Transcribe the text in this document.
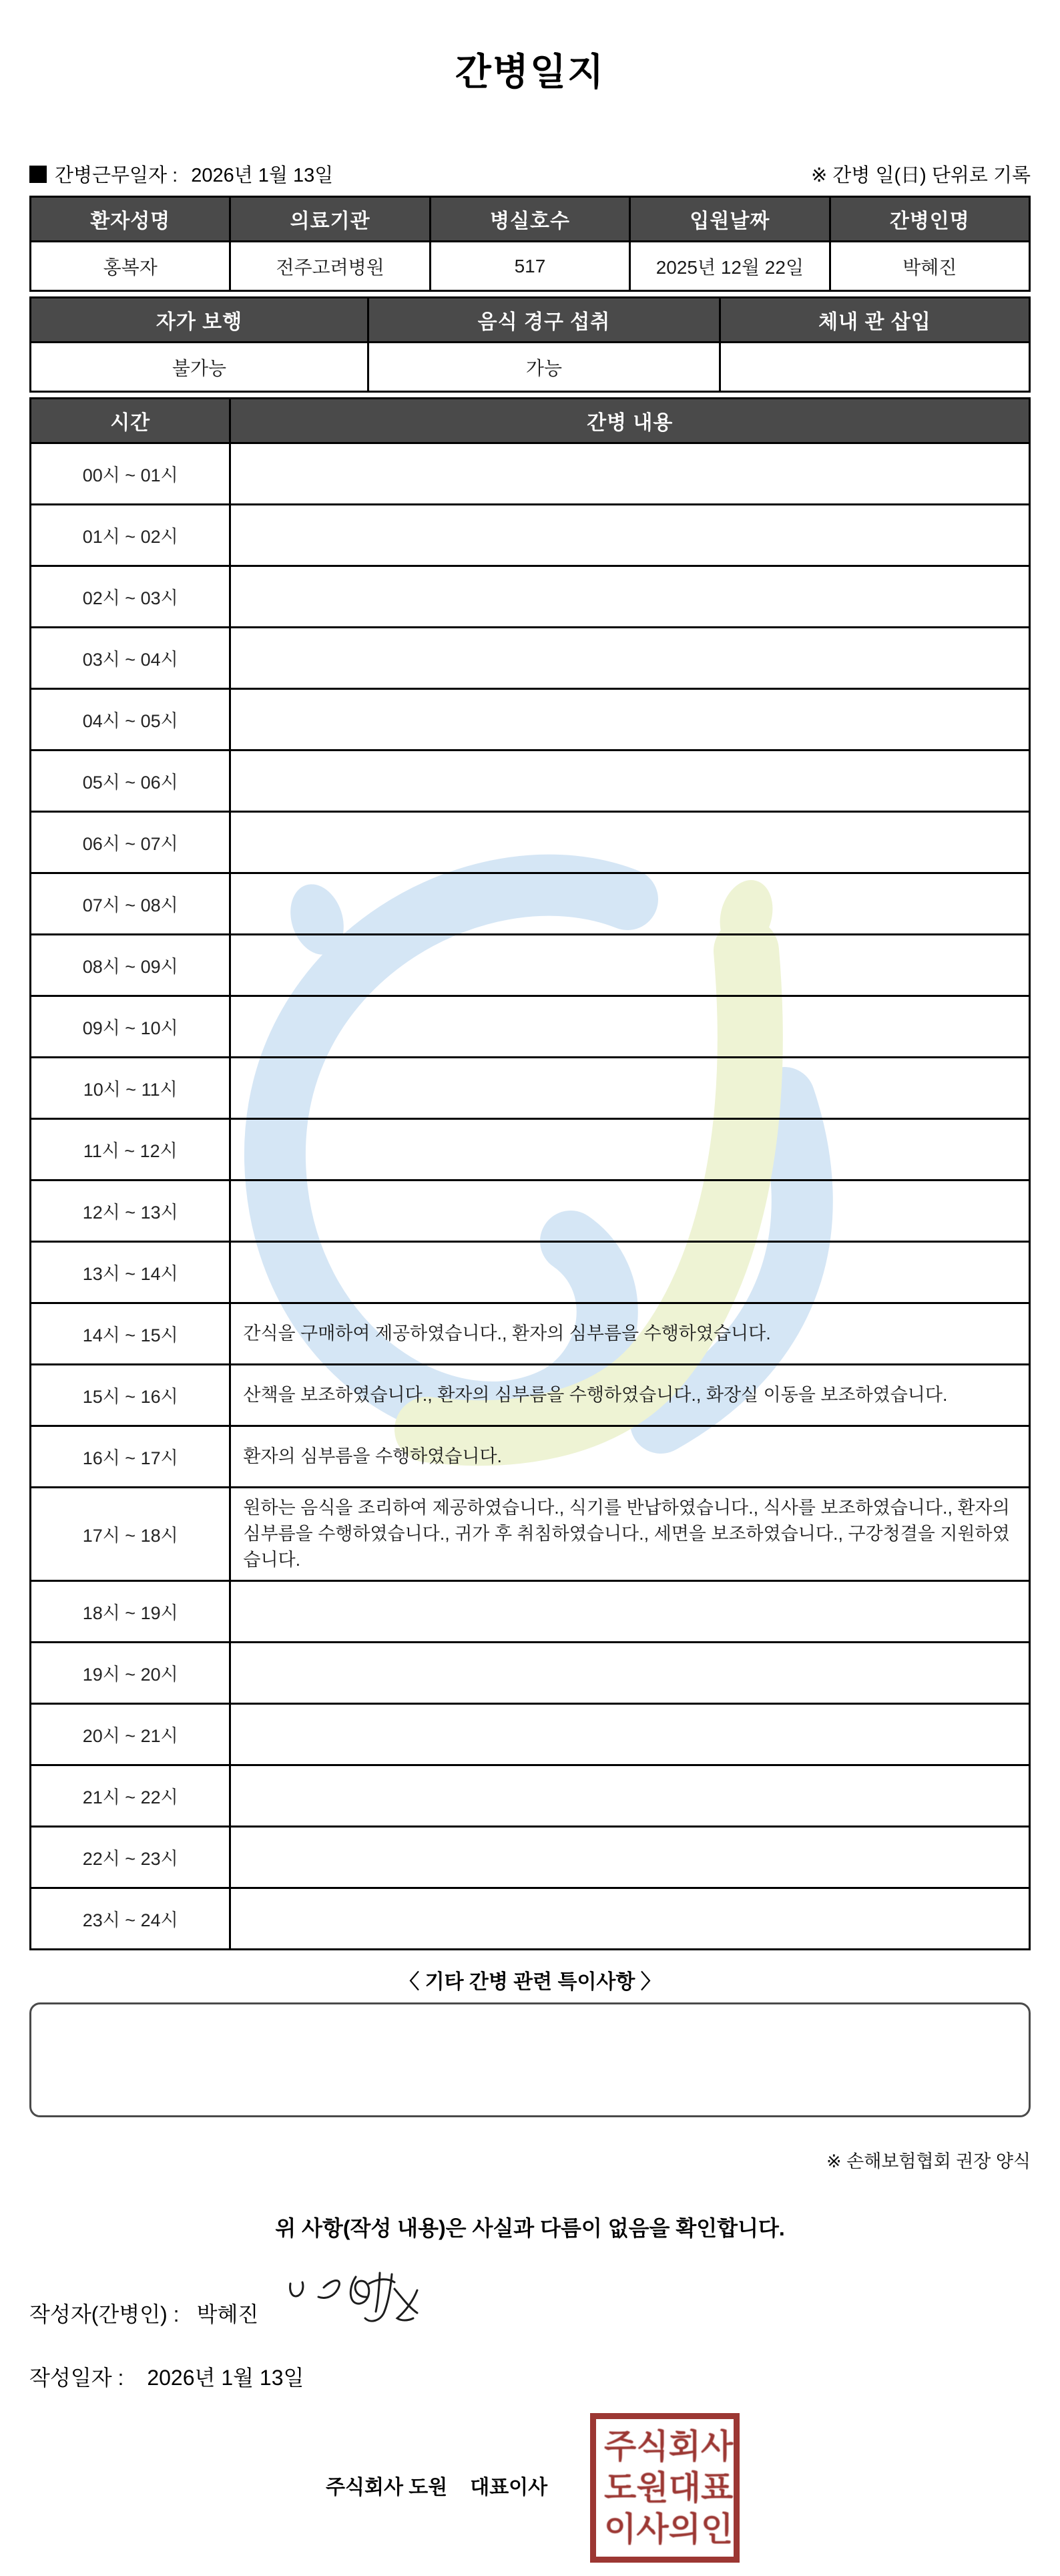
간병일지
간병근무일자 : 2026년 1월 13일	※ 간병 일(日) 단위로 기록
환자성명	의료기관	병실호수	입원날짜	간병인명
홍복자	전주고려병원	517	2025년 12월 22일	박혜진
자가 보행	음식 경구 섭취	체내 관 삽입
불가능	가능	
시간	간병 내용
00시 ~ 01시	
01시 ~ 02시	
02시 ~ 03시	
03시 ~ 04시	
04시 ~ 05시	
05시 ~ 06시	
06시 ~ 07시	
07시 ~ 08시	
08시 ~ 09시	
09시 ~ 10시	
10시 ~ 11시	
11시 ~ 12시	
12시 ~ 13시	
13시 ~ 14시	
14시 ~ 15시	간식을 구매하여 제공하였습니다., 환자의 심부름을 수행하였습니다.
15시 ~ 16시	산책을 보조하였습니다., 환자의 심부름을 수행하였습니다., 화장실 이동을 보조하였습니다.
16시 ~ 17시	환자의 심부름을 수행하였습니다.
17시 ~ 18시	원하는 음식을 조리하여 제공하였습니다., 식기를 반납하였습니다., 식사를 보조하였습니다., 환자의 심부름을 수행하였습니다., 귀가 후 취침하였습니다., 세면을 보조하였습니다., 구강청결을 지원하였습니다.
18시 ~ 19시	
19시 ~ 20시	
20시 ~ 21시	
21시 ~ 22시	
22시 ~ 23시	
23시 ~ 24시	
〈 기타 간병 관련 특이사항 〉
※ 손해보험협회 권장 양식
위 사항(작성 내용)은 사실과 다름이 없음을 확인합니다.
작성자(간병인) : 박혜진
작성일자 : 2026년 1월 13일
주식회사 도원 대표이사
주 식 회 사
도 원 대 표
이 사 의 인
